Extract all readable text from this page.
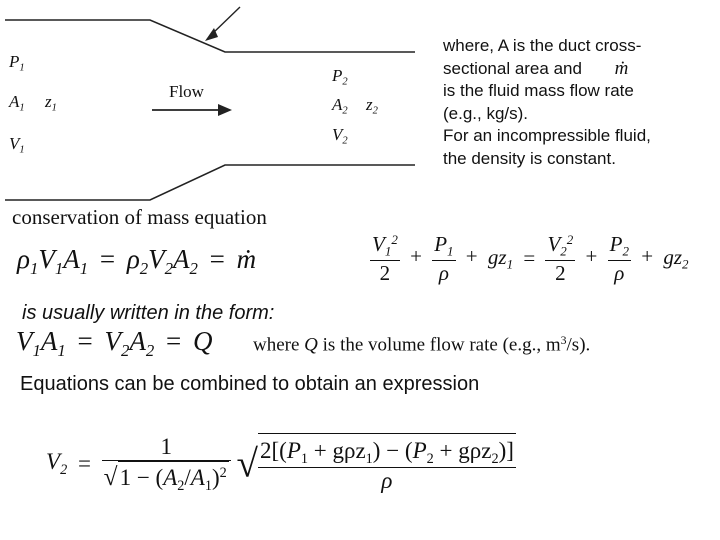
$P_1$
$A_1$ $z_1$
$V_1$
Flow
$P_2$
$A_2$ $z_2$
$V_2$
where, A is the duct cross-
sectional area and ṁ
is the fluid mass flow rate
(e.g., kg/s).
For an incompressible fluid,
the density is constant.
conservation of mass equation
$\rho_1V_1A_1 = \rho_2V_2A_2$ = ṁ	$\frac{V_1^2}{2} + \frac{P_1}{\rho} + gz_1 = \frac{V_2^2}{2} + \frac{P_2}{\rho} + gz_2$
is usually written in the form:
$V_1A_1 = V_2A_2 = Q$ where Q is the volume flow rate (e.g., $m^3/s$).
Equations can be combined to obtain an expression
$V_2 = \frac{1}{√1 - (A_2/A_1)^2}$ √ $\frac{2[(P_1 + g\rho z_1) - (P_2 + g\rho z_2)]}{\rho}$
